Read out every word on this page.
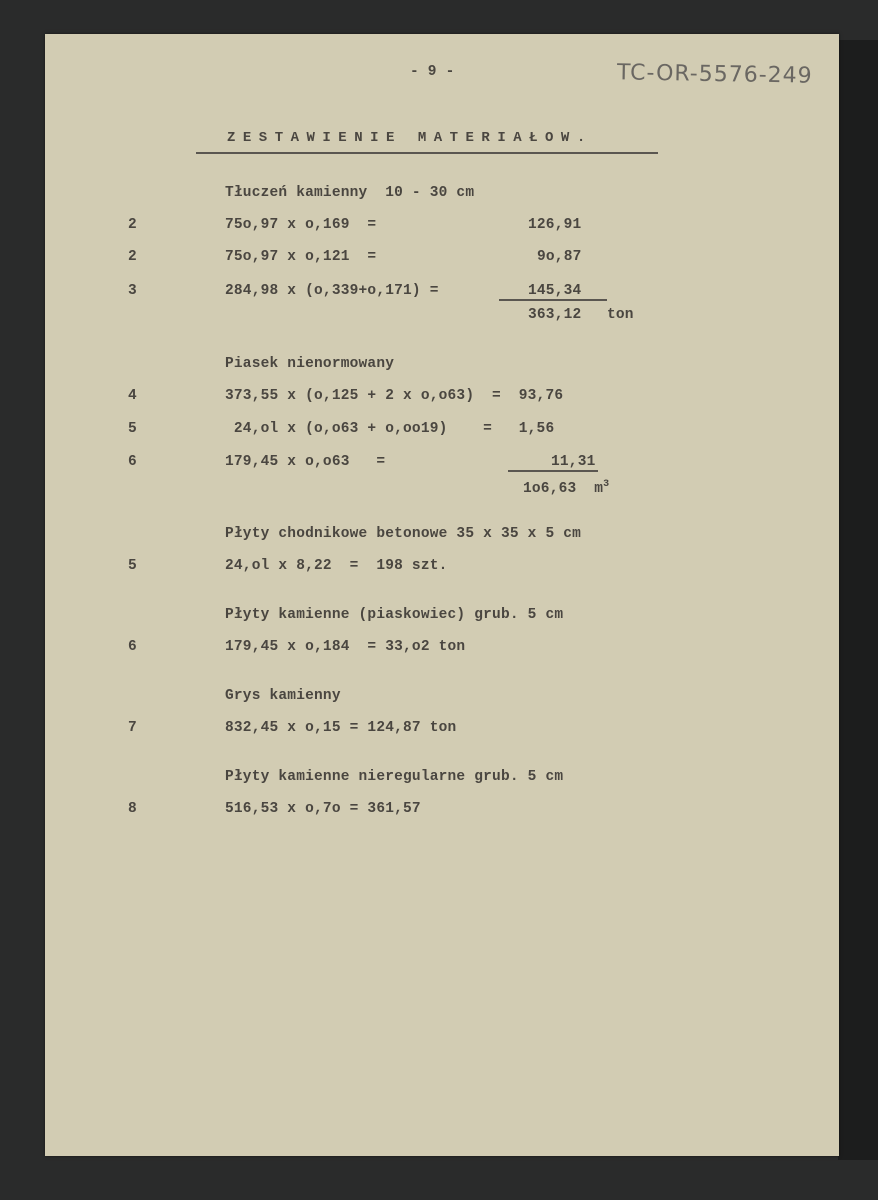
- 9 -	TC-OR-5576-249
ZESTAWIENIE MATERIAŁOW.
Tłuczeń kamienny  10 - 30 cm
2	75o,97 x o,169  =	126,91
2	75o,97 x o,121  =	9o,87
3	284,98 x (o,339+o,171) =	145,34
363,12 ton
Piasek nienormowany
4	373,55 x (o,125 + 2 x o,o63)  =  93,76
5	24,ol x (o,o63 + o,oo19)    =   1,56
6	179,45 x o,o63   =	11,31
1o6,63 $m^3$
Płyty chodnikowe betonowe 35 x 35 x 5 cm
5	24,ol x 8,22  =  198 szt.
Płyty kamienne (piaskowiec) grub. 5 cm
6	179,45 x o,184  = 33,o2 ton
Grys kamienny
7	832,45 x o,15 = 124,87 ton
Płyty kamienne nieregularne grub. 5 cm
8	516,53 x o,7o = 361,57
